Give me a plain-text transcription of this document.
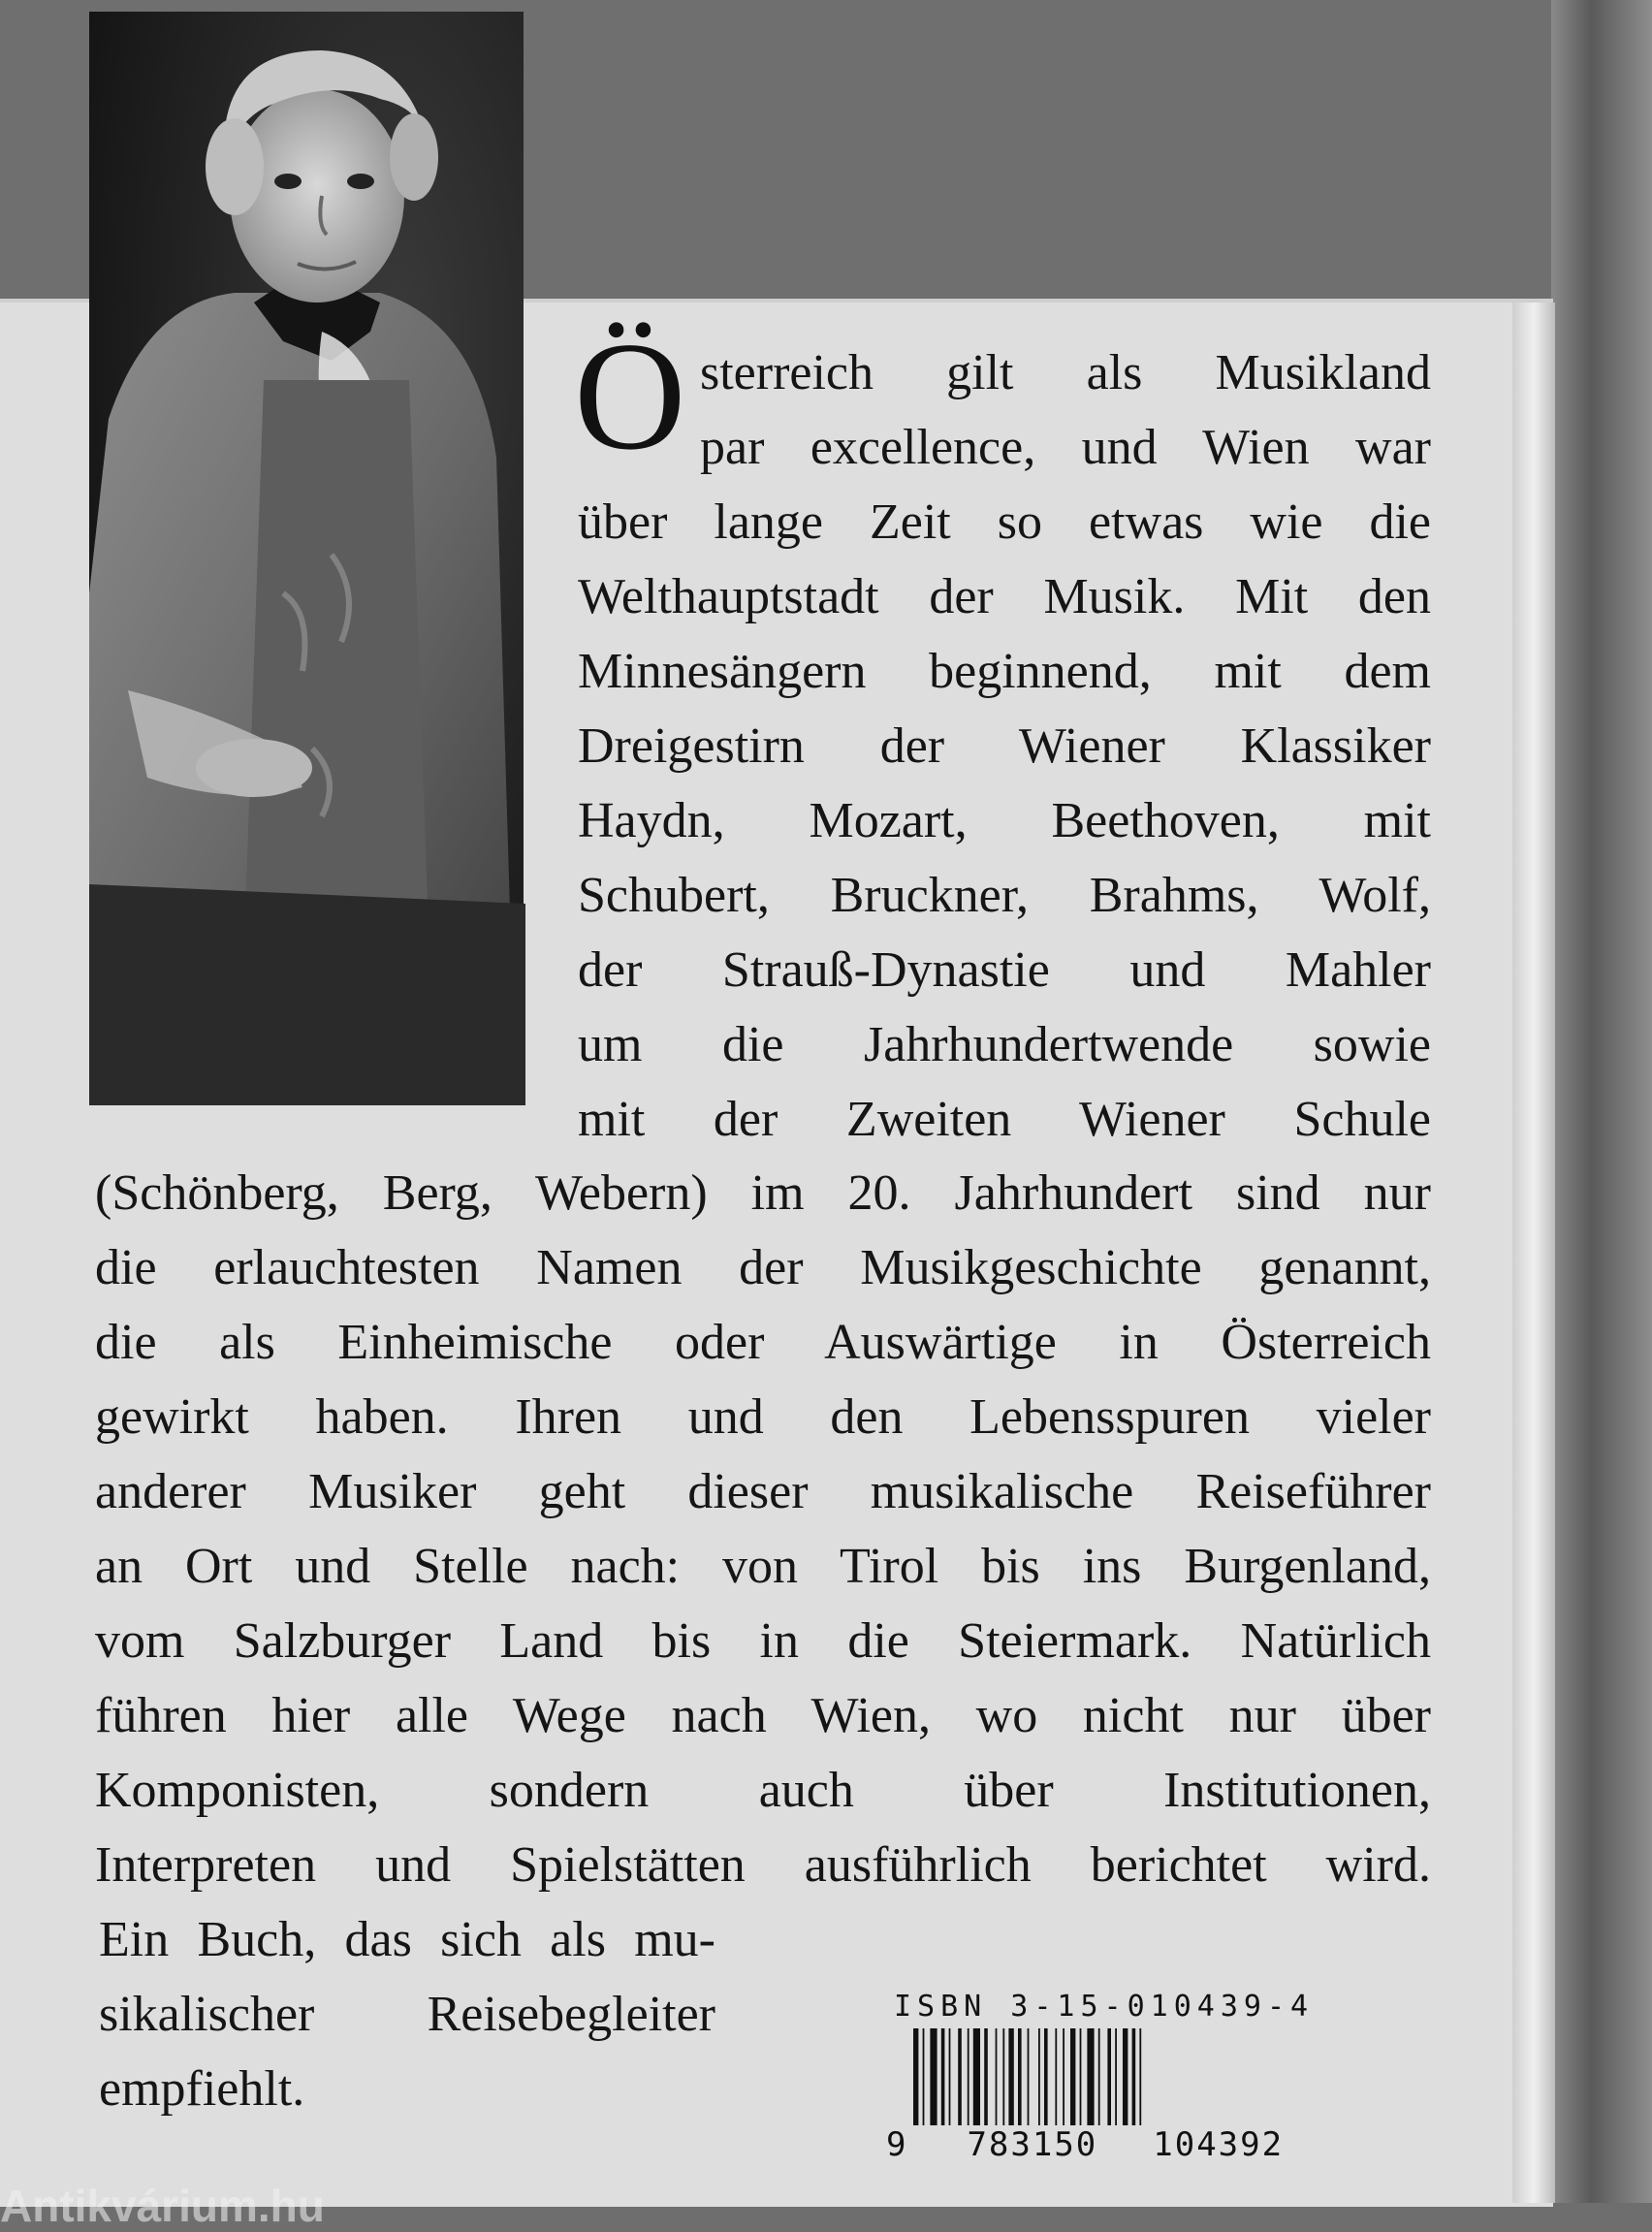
Ö sterreich gilt als Musikland
par excellence, und Wien war
über lange Zeit so etwas wie die
Welthauptstadt der Musik. Mit den
Minnesängern beginnend, mit dem
Dreigestirn der Wiener Klassiker
Haydn, Mozart, Beethoven, mit
Schubert, Bruckner, Brahms, Wolf,
der Strauß-Dynastie und Mahler
um die Jahrhundertwende sowie
mit der Zweiten Wiener Schule
(Schönberg, Berg, Webern) im 20. Jahrhundert sind nur
die erlauchtesten Namen der Musikgeschichte genannt,
die als Einheimische oder Auswärtige in Österreich
gewirkt haben. Ihren und den Lebensspuren vieler
anderer Musiker geht dieser musikalische Reiseführer
an Ort und Stelle nach: von Tirol bis ins Burgenland,
vom Salzburger Land bis in die Steiermark. Natürlich
führen hier alle Wege nach Wien, wo nicht nur über
Komponisten, sondern auch über Institutionen,
Interpreten und Spielstätten ausführlich berichtet wird.
Ein Buch, das sich als mu-
sikalischer Reisebegleiter
empfiehlt.
ISBN 3-15-010439-4
9 783150 104392
Antikvárium.hu
